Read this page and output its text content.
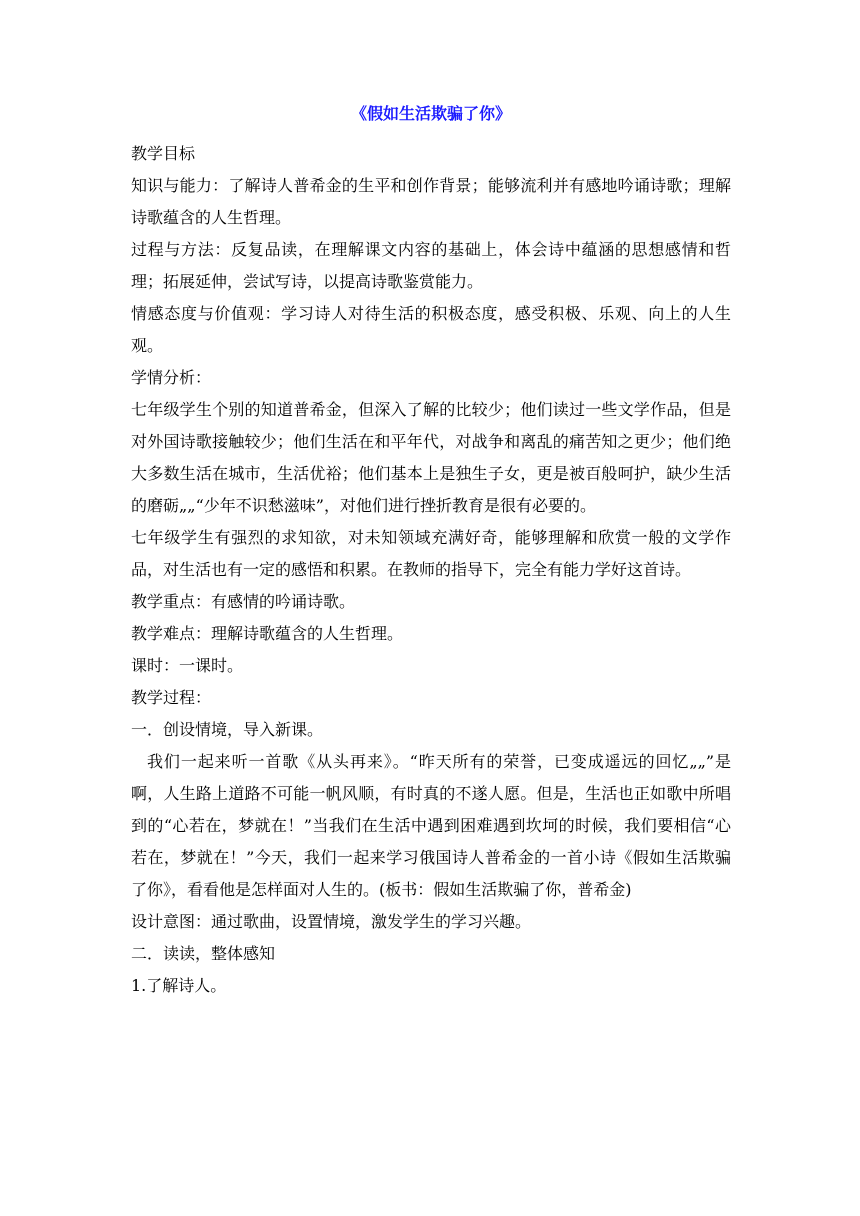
《假如生活欺骗了你》

教学目标

知识与能力：了解诗人普希金的生平和创作背景；能够流利并有感地吟诵诗歌；理解诗歌蕴含的人生哲理。

过程与方法：反复品读，在理解课文内容的基础上，体会诗中蕴涵的思想感情和哲理；拓展延伸，尝试写诗，以提高诗歌鉴赏能力。

情感态度与价值观：学习诗人对待生活的积极态度，感受积极、乐观、向上的人生观。

学情分析：

七年级学生个别的知道普希金，但深入了解的比较少；他们读过一些文学作品，但是对外国诗歌接触较少；他们生活在和平年代，对战争和离乱的痛苦知之更少；他们绝大多数生活在城市，生活优裕；他们基本上是独生子女，更是被百般呵护，缺少生活的磨砺„„“少年不识愁滋味”，对他们进行挫折教育是很有必要的。

七年级学生有强烈的求知欲，对未知领域充满好奇，能够理解和欣赏一般的文学作品，对生活也有一定的感悟和积累。在教师的指导下，完全有能力学好这首诗。

教学重点：有感情的吟诵诗歌。

教学难点：理解诗歌蕴含的人生哲理。

课时：一课时。

教学过程：

一．创设情境，导入新课。

我们一起来听一首歌《从头再来》。“昨天所有的荣誉，已变成遥远的回忆„„”是啊，人生路上道路不可能一帆风顺，有时真的不遂人愿。但是，生活也正如歌中所唱到的“心若在，梦就在！”当我们在生活中遇到困难遇到坎坷的时候，我们要相信“心若在，梦就在！”今天，我们一起来学习俄国诗人普希金的一首小诗《假如生活欺骗了你》，看看他是怎样面对人生的。(板书：假如生活欺骗了你，普希金)

设计意图：通过歌曲，设置情境，激发学生的学习兴趣。

二．读读，整体感知

1.了解诗人。
